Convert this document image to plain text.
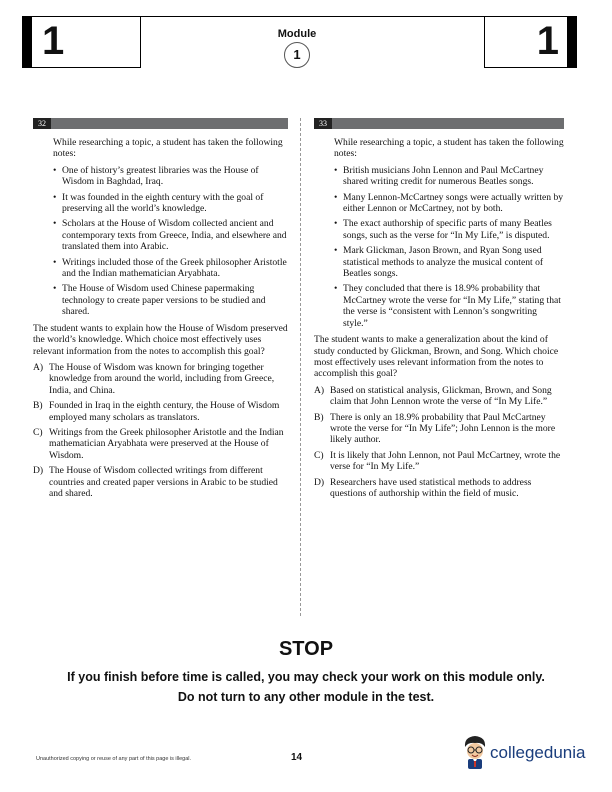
1	1
Module
1
32

While researching a topic, a student has taken the following notes:

• One of history’s greatest libraries was the House of Wisdom in Baghdad, Iraq.
• It was founded in the eighth century with the goal of preserving all the world’s knowledge.
• Scholars at the House of Wisdom collected ancient and contemporary texts from Greece, India, and elsewhere and translated them into Arabic.
• Writings included those of the Greek philosopher Aristotle and the Indian mathematician Aryabhata.
• The House of Wisdom used Chinese papermaking technology to create paper versions to be studied and shared.

The student wants to explain how the House of Wisdom preserved the world’s knowledge. Which choice most effectively uses relevant information from the notes to accomplish this goal?

A) The House of Wisdom was known for bringing together knowledge from around the world, including from Greece, India, and China.
B) Founded in Iraq in the eighth century, the House of Wisdom employed many scholars as translators.
C) Writings from the Greek philosopher Aristotle and the Indian mathematician Aryabhata were preserved at the House of Wisdom.
D) The House of Wisdom collected writings from different countries and created paper versions in Arabic to be studied and shared.
33

While researching a topic, a student has taken the following notes:

• British musicians John Lennon and Paul McCartney shared writing credit for numerous Beatles songs.
• Many Lennon-McCartney songs were actually written by either Lennon or McCartney, not by both.
• The exact authorship of specific parts of many Beatles songs, such as the verse for “In My Life,” is disputed.
• Mark Glickman, Jason Brown, and Ryan Song used statistical methods to analyze the musical content of Beatles songs.
• They concluded that there is 18.9% probability that McCartney wrote the verse for “In My Life,” stating that the verse is “consistent with Lennon’s songwriting style.”

The student wants to make a generalization about the kind of study conducted by Glickman, Brown, and Song. Which choice most effectively uses relevant information from the notes to accomplish this goal?

A) Based on statistical analysis, Glickman, Brown, and Song claim that John Lennon wrote the verse of “In My Life.”
B) There is only an 18.9% probability that Paul McCartney wrote the verse for “In My Life”; John Lennon is the more likely author.
C) It is likely that John Lennon, not Paul McCartney, wrote the verse for “In My Life.”
D) Researchers have used statistical methods to address questions of authorship within the field of music.
STOP
If you finish before time is called, you may check your work on this module only.
Do not turn to any other module in the test.
Unauthorized copying or reuse of any part of this page is illegal.	14	collegedunia
